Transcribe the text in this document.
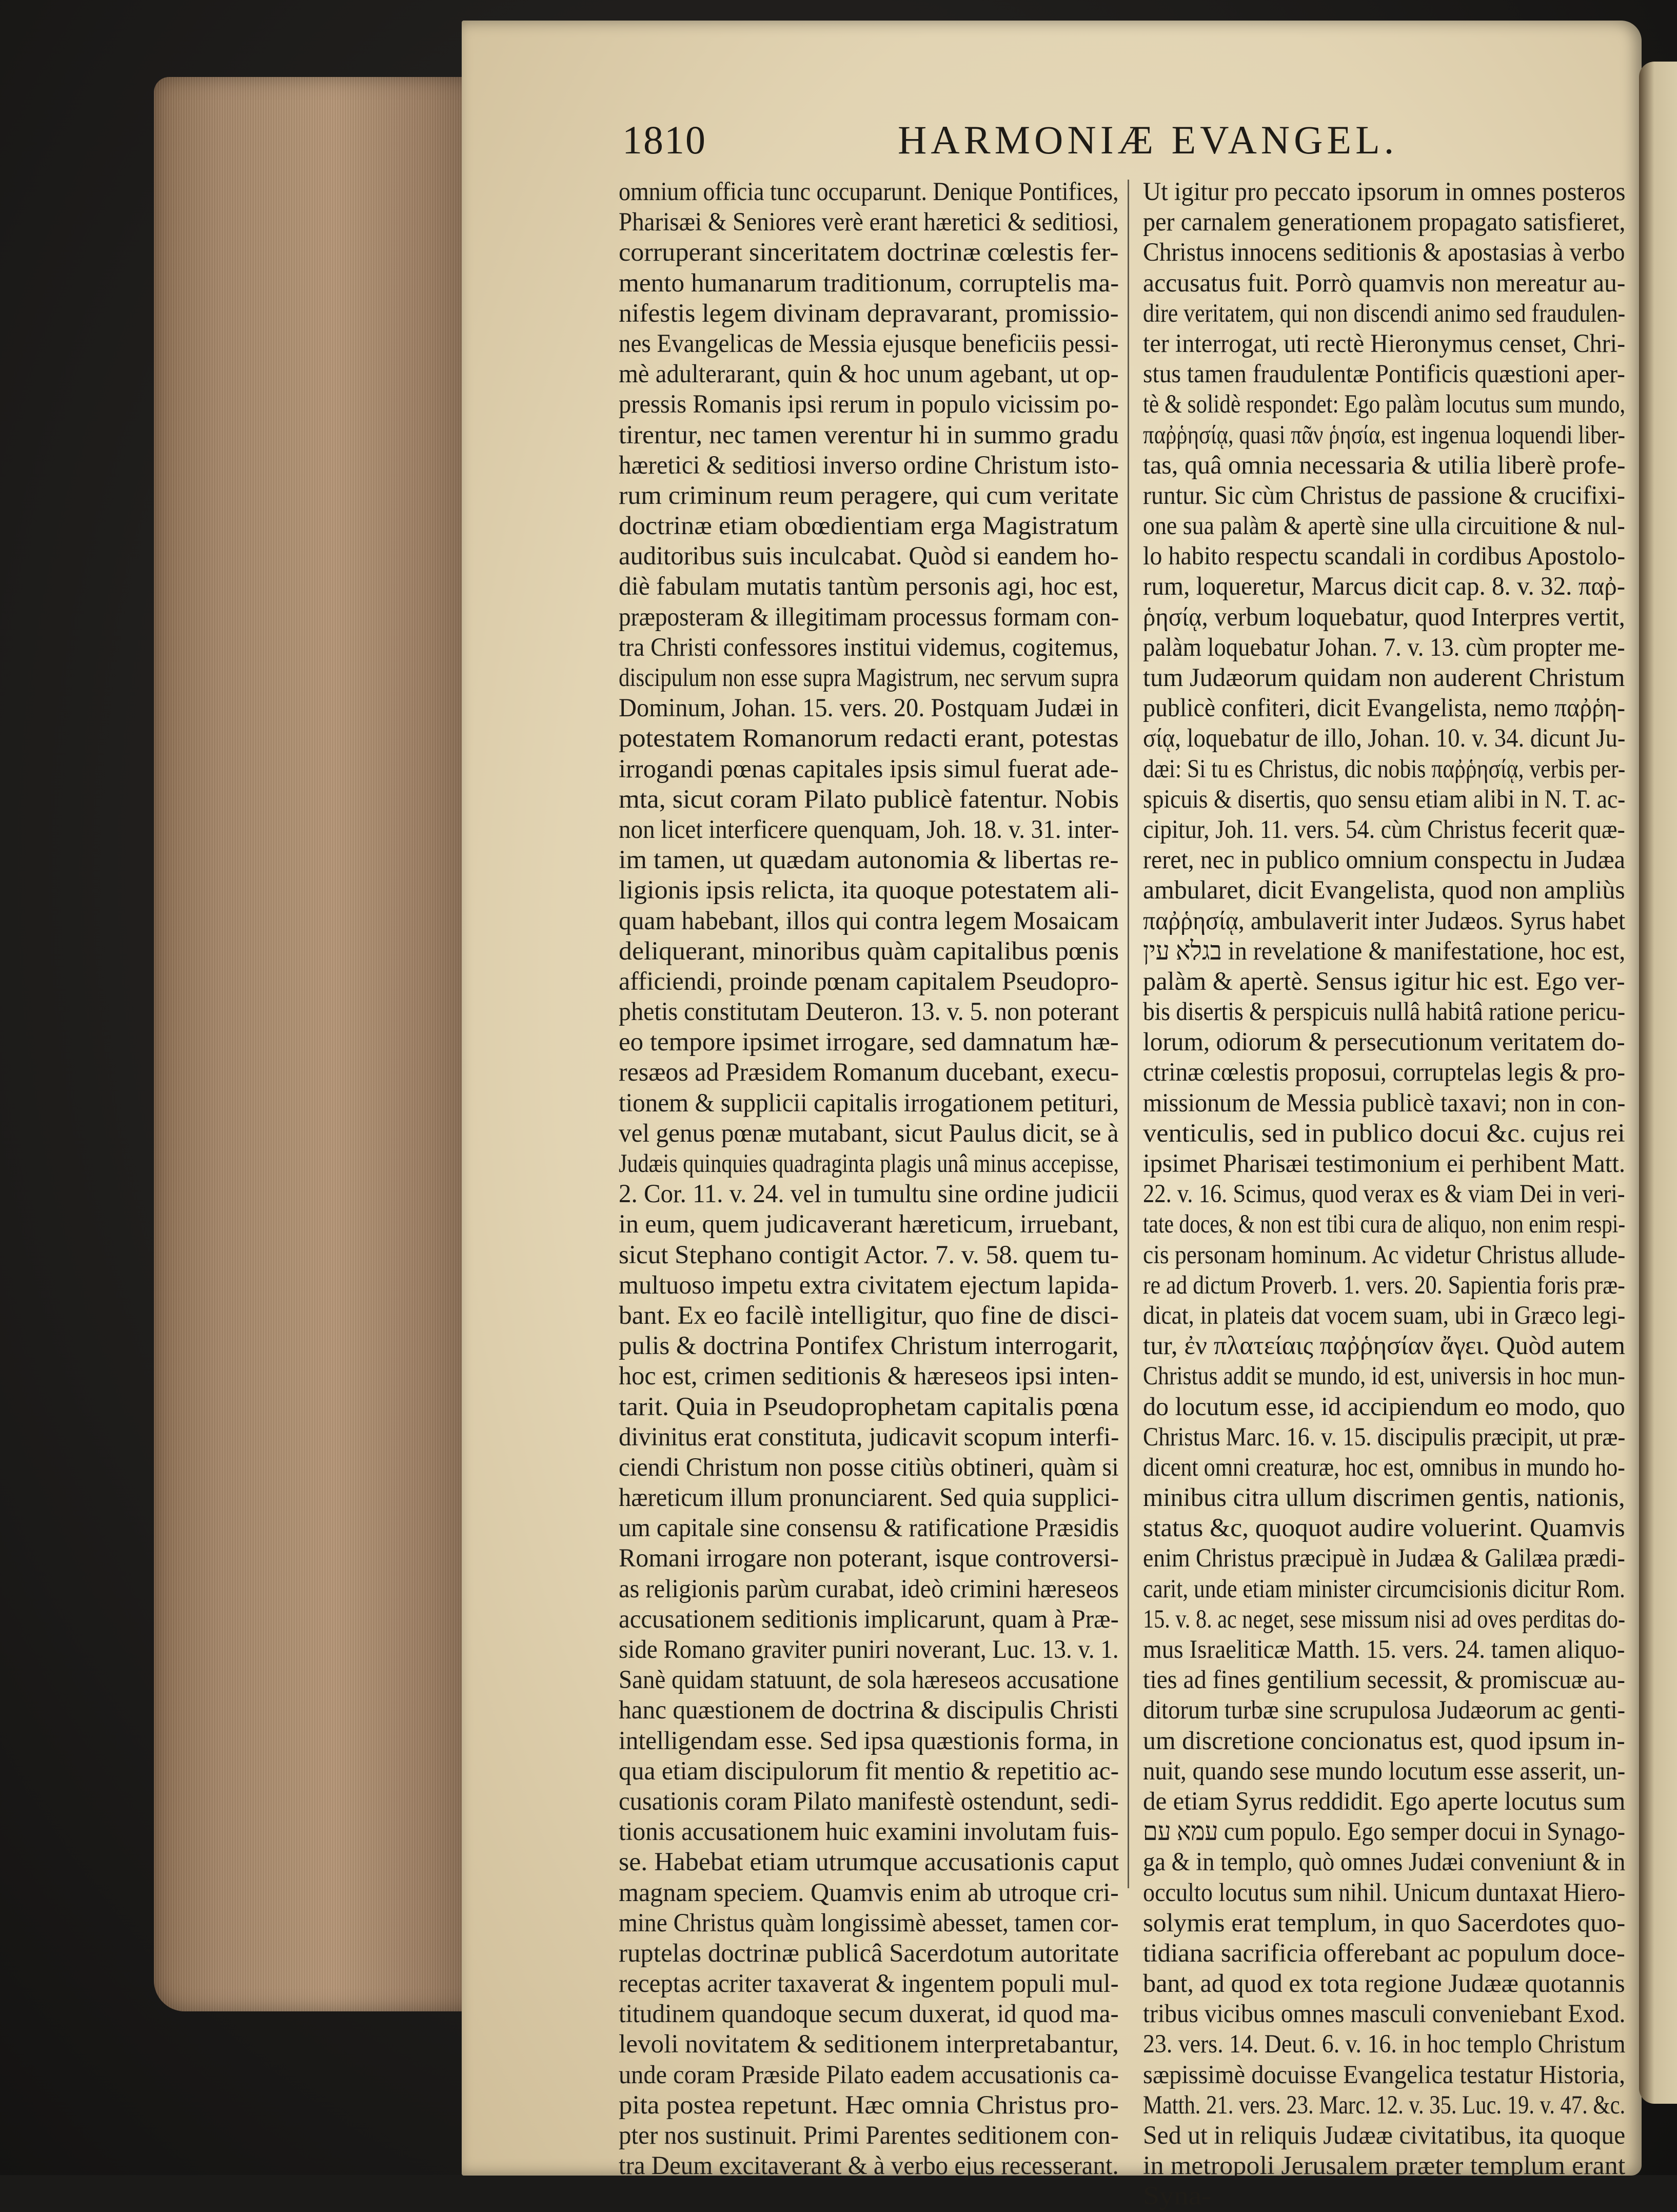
1810	HARMONIÆ EVANGEL.
omnium officia tunc occuparunt. Denique Pontifices,
Pharisæi & Seniores verè erant hæretici & seditiosi,
corruperant sinceritatem doctrinæ cœlestis fer-
mento humanarum traditionum, corruptelis ma-
nifestis legem divinam depravarant, promissio-
nes Evangelicas de Messia ejusque beneficiis pessi-
mè adulterarant, quin & hoc unum agebant, ut op-
pressis Romanis ipsi rerum in populo vicissim po-
tirentur, nec tamen verentur hi in summo gradu
hæretici & seditiosi inverso ordine Christum isto-
rum criminum reum peragere, qui cum veritate
doctrinæ etiam obœdientiam erga Magistratum
auditoribus suis inculcabat. Quòd si eandem ho-
diè fabulam mutatis tantùm personis agi, hoc est,
præposteram & illegitimam processus formam con-
tra Christi confessores institui videmus, cogitemus,
discipulum non esse supra Magistrum, nec servum supra
Dominum, Johan. 15. vers. 20. Postquam Judæi in
potestatem Romanorum redacti erant, potestas
irrogandi pœnas capitales ipsis simul fuerat ade-
mta, sicut coram Pilato publicè fatentur. Nobis
non licet interficere quenquam, Joh. 18. v. 31. inter-
im tamen, ut quædam autonomia & libertas re-
ligionis ipsis relicta, ita quoque potestatem ali-
quam habebant, illos qui contra legem Mosaicam
deliquerant, minoribus quàm capitalibus pœnis
afficiendi, proinde pœnam capitalem Pseudopro-
phetis constitutam Deuteron. 13. v. 5. non poterant
eo tempore ipsimet irrogare, sed damnatum hæ-
resæos ad Præsidem Romanum ducebant, execu-
tionem & supplicii capitalis irrogationem petituri,
vel genus pœnæ mutabant, sicut Paulus dicit, se à
Judæis quinquies quadraginta plagis unâ minus accepisse,
2. Cor. 11. v. 24. vel in tumultu sine ordine judicii
in eum, quem judicaverant hæreticum, irruebant,
sicut Stephano contigit Actor. 7. v. 58. quem tu-
multuoso impetu extra civitatem ejectum lapida-
bant. Ex eo facilè intelligitur, quo fine de disci-
pulis & doctrina Pontifex Christum interrogarit,
hoc est, crimen seditionis & hæreseos ipsi inten-
tarit. Quia in Pseudoprophetam capitalis pœna
divinitus erat constituta, judicavit scopum interfi-
ciendi Christum non posse citiùs obtineri, quàm si
hæreticum illum pronunciarent. Sed quia supplici-
um capitale sine consensu & ratificatione Præsidis
Romani irrogare non poterant, isque controversi-
as religionis parùm curabat, ideò crimini hæreseos
accusationem seditionis implicarunt, quam à Præ-
side Romano graviter puniri noverant, Luc. 13. v. 1.
Sanè quidam statuunt, de sola hæreseos accusatione
hanc quæstionem de doctrina & discipulis Christi
intelligendam esse. Sed ipsa quæstionis forma, in
qua etiam discipulorum fit mentio & repetitio ac-
cusationis coram Pilato manifestè ostendunt, sedi-
tionis accusationem huic examini involutam fuis-
se. Habebat etiam utrumque accusationis caput
magnam speciem. Quamvis enim ab utroque cri-
mine Christus quàm longissimè abesset, tamen cor-
ruptelas doctrinæ publicâ Sacerdotum autoritate
receptas acriter taxaverat & ingentem populi mul-
titudinem quandoque secum duxerat, id quod ma-
levoli novitatem & seditionem interpretabantur,
unde coram Præside Pilato eadem accusationis ca-
pita postea repetunt. Hæc omnia Christus pro-
pter nos sustinuit. Primi Parentes seditionem con-
tra Deum excitaverant & à verbo ejus recesserant.
Ut igitur pro peccato ipsorum in omnes posteros
per carnalem generationem propagato satisfieret,
Christus innocens seditionis & apostasias à verbo
accusatus fuit. Porrò quamvis non mereatur au-
dire veritatem, qui non discendi animo sed fraudulen-
ter interrogat, uti rectè Hieronymus censet, Chri-
stus tamen fraudulentæ Pontificis quæstioni aper-
tè & solidè respondet: Ego palàm locutus sum mundo,
παῤῥησίᾳ, quasi πᾶν ῥησία, est ingenua loquendi liber-
tas, quâ omnia necessaria & utilia liberè profe-
runtur. Sic cùm Christus de passione & crucifixi-
one sua palàm & apertè sine ulla circuitione & nul-
lo habito respectu scandali in cordibus Apostolo-
rum, loqueretur, Marcus dicit cap. 8. v. 32. παῤ-
ῥησίᾳ, verbum loquebatur, quod Interpres vertit,
palàm loquebatur Johan. 7. v. 13. cùm propter me-
tum Judæorum quidam non auderent Christum
publicè confiteri, dicit Evangelista, nemo παῤῥη-
σίᾳ, loquebatur de illo, Johan. 10. v. 34. dicunt Ju-
dæi: Si tu es Christus, dic nobis παῤῥησίᾳ, verbis per-
spicuis & disertis, quo sensu etiam alibi in N. T. ac-
cipitur, Joh. 11. vers. 54. cùm Christus fecerit quæ-
reret, nec in publico omnium conspectu in Judæa
ambularet, dicit Evangelista, quod non ampliùs
παῤῥησίᾳ, ambulaverit inter Judæos. Syrus habet
בגלא עין in revelatione & manifestatione, hoc est,
palàm & apertè. Sensus igitur hic est. Ego ver-
bis disertis & perspicuis nullâ habitâ ratione pericu-
lorum, odiorum & persecutionum veritatem do-
ctrinæ cœlestis proposui, corruptelas legis & pro-
missionum de Messia publicè taxavi; non in con-
venticulis, sed in publico docui &c. cujus rei
ipsimet Pharisæi testimonium ei perhibent Matt.
22. v. 16. Scimus, quod verax es & viam Dei in veri-
tate doces, & non est tibi cura de aliquo, non enim respi-
cis personam hominum. Ac videtur Christus allude-
re ad dictum Proverb. 1. vers. 20. Sapientia foris præ-
dicat, in plateis dat vocem suam, ubi in Græco legi-
tur, ἐν πλατείαις παῤῥησίαν ἄγει. Quòd autem
Christus addit se mundo, id est, universis in hoc mun-
do locutum esse, id accipiendum eo modo, quo
Christus Marc. 16. v. 15. discipulis præcipit, ut præ-
dicent omni creaturæ, hoc est, omnibus in mundo ho-
minibus citra ullum discrimen gentis, nationis,
status &c, quoquot audire voluerint. Quamvis
enim Christus præcipuè in Judæa & Galilæa prædi-
carit, unde etiam minister circumcisionis dicitur Rom.
15. v. 8. ac neget, sese missum nisi ad oves perditas do-
mus Israeliticæ Matth. 15. vers. 24. tamen aliquo-
ties ad fines gentilium secessit, & promiscuæ au-
ditorum turbæ sine scrupulosa Judæorum ac genti-
um discretione concionatus est, quod ipsum in-
nuit, quando sese mundo locutum esse asserit, un-
de etiam Syrus reddidit. Ego aperte locutus sum
עמא עם cum populo. Ego semper docui in Synago-
ga & in templo, quò omnes Judæi conveniunt & in
occulto locutus sum nihil. Unicum duntaxat Hiero-
solymis erat templum, in quo Sacerdotes quo-
tidiana sacrificia offerebant ac populum doce-
bant, ad quod ex tota regione Judææ quotannis
tribus vicibus omnes masculi conveniebant Exod.
23. vers. 14. Deut. 6. v. 16. in hoc templo Christum
sæpissimè docuisse Evangelica testatur Historia,
Matth. 21. vers. 23. Marc. 12. v. 35. Luc. 19. v. 47. &c.
Sed ut in reliquis Judææ civitatibus, ita quoque
in metropoli Jerusalem præter templum erant
Syna-
